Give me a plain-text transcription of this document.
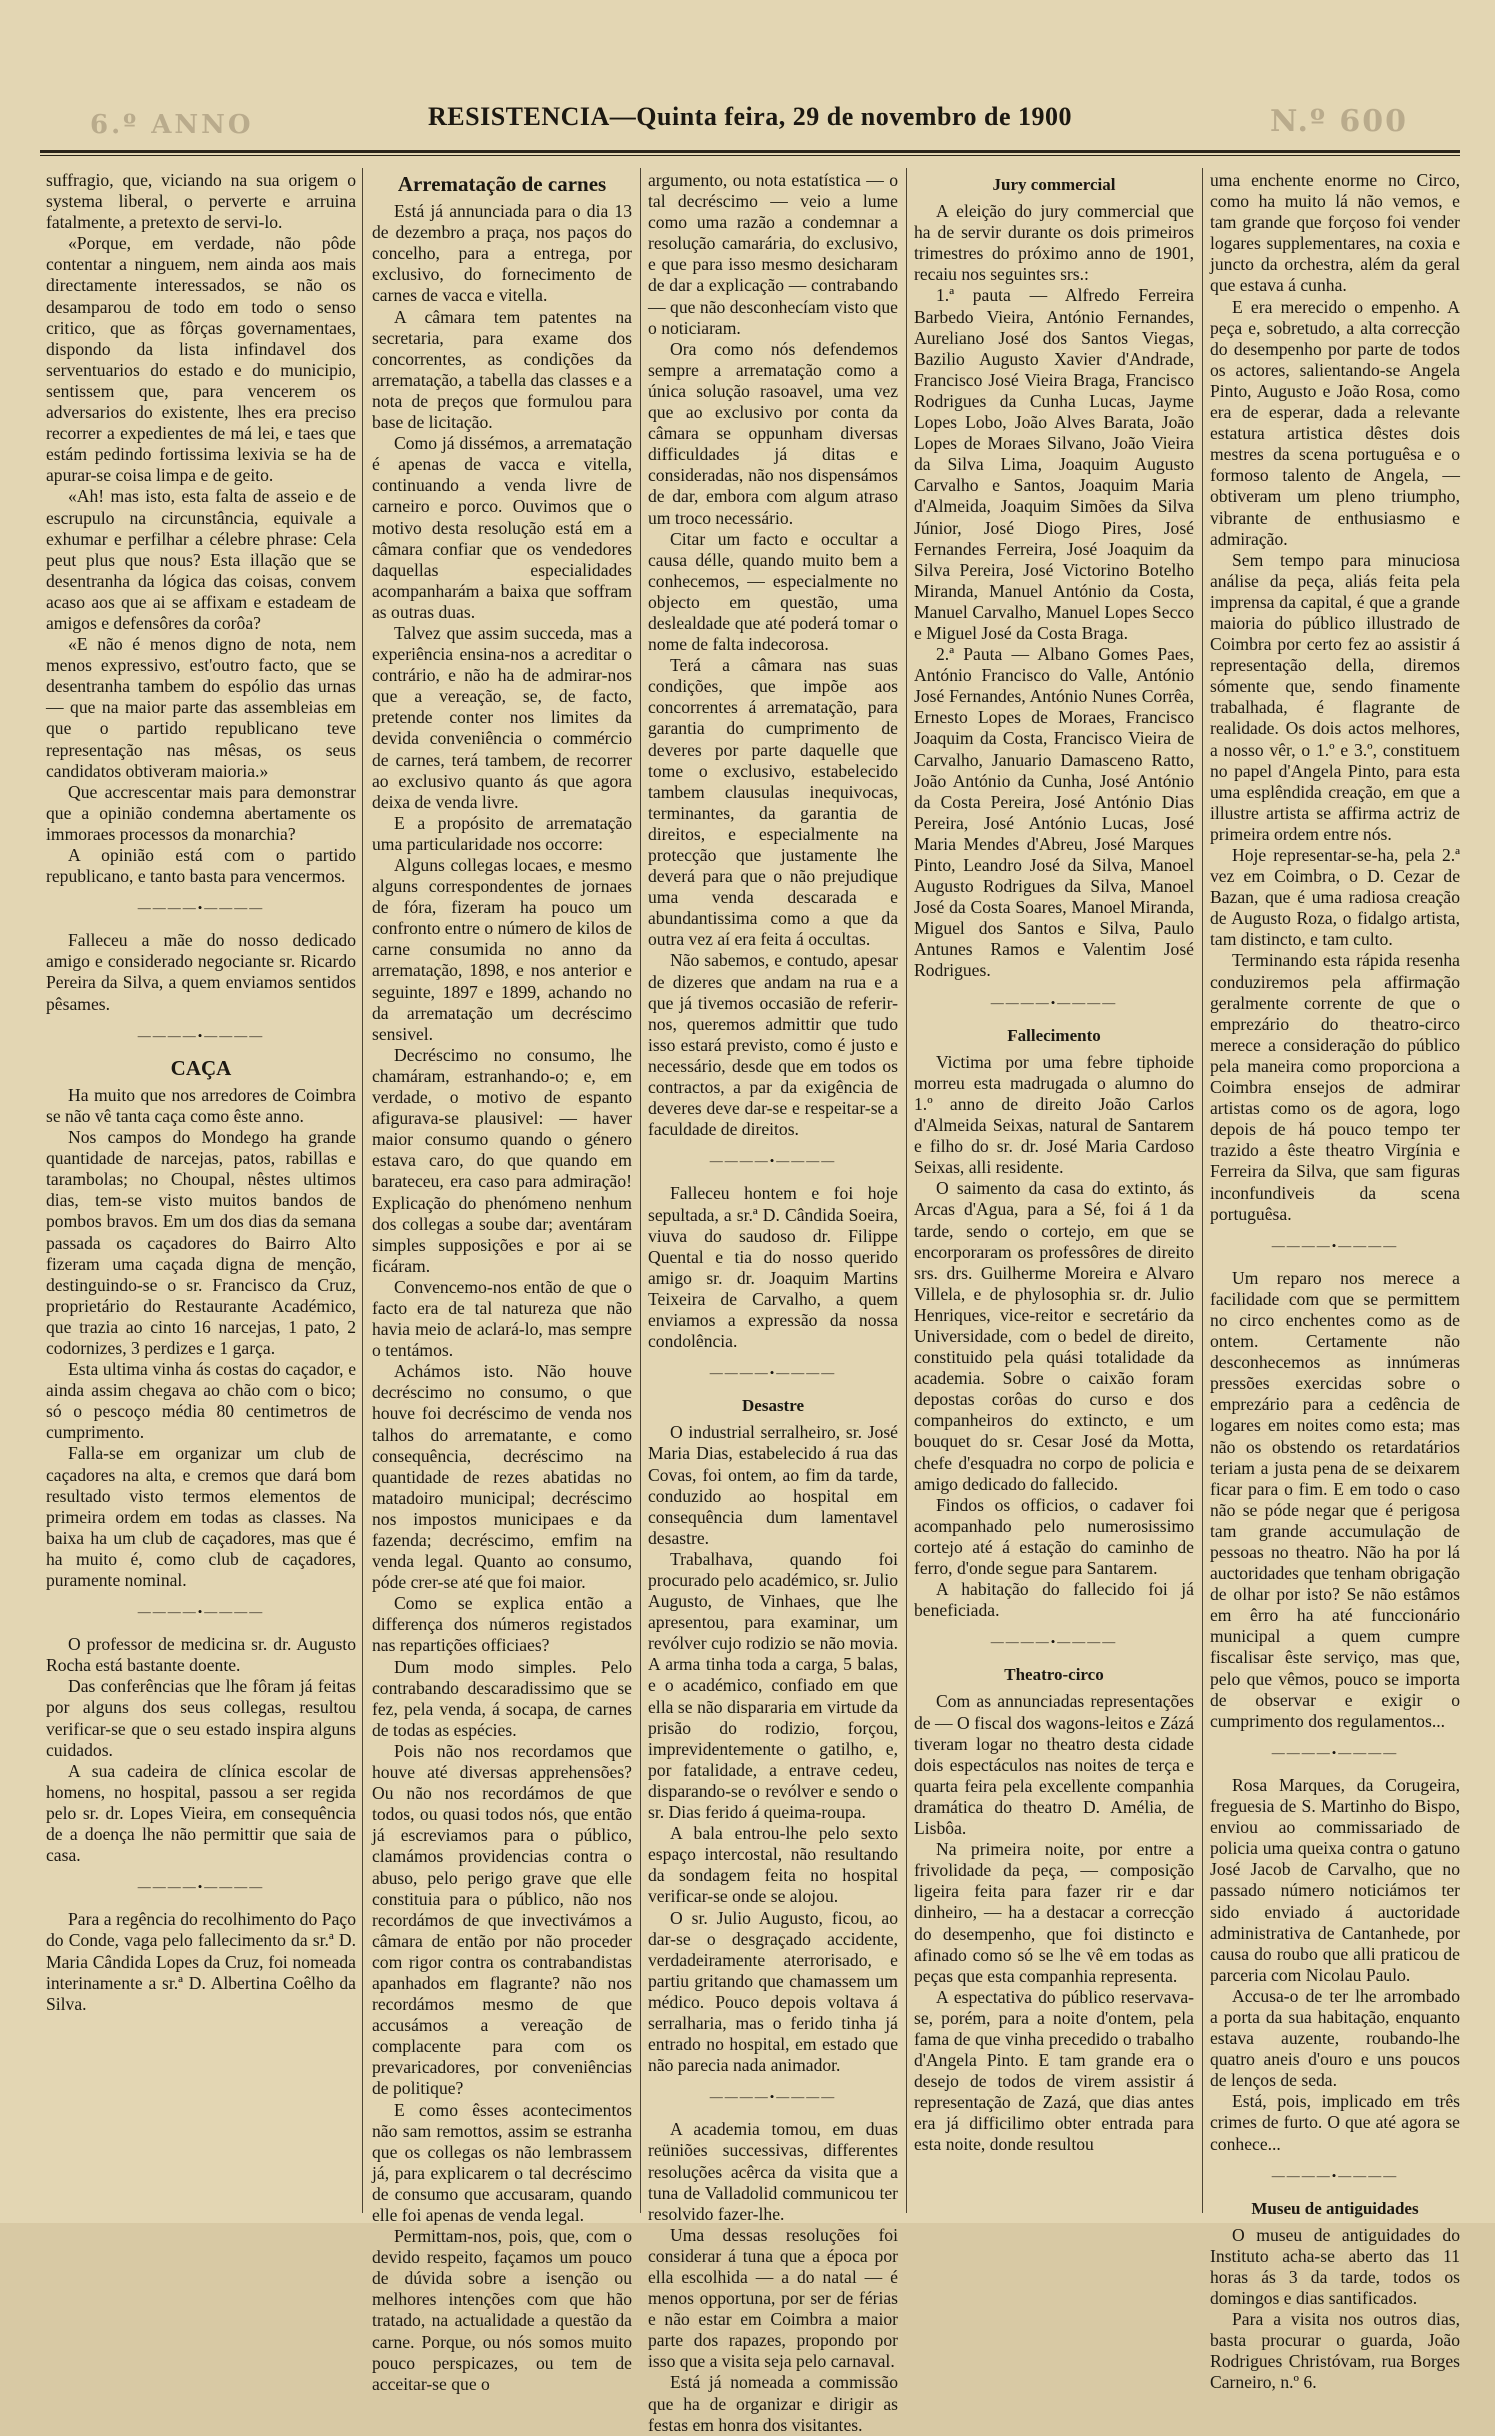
6.º ANNO	RESISTENCIA—Quinta feira, 29 de novembro de 1900	N.º 600

suffragio, que, viciando na sua origem o systema liberal, o perverte e arruina fatalmente, a pretexto de servi-lo.

«Porque, em verdade, não pôde contentar a ninguem, nem ainda aos mais directamente interessados, se não os desamparou de todo em todo o senso critico, que as fôrças governamentaes, dispondo da lista infindavel dos serventuarios do estado e do municipio, sentissem que, para vencerem os adversarios do existente, lhes era preciso recorrer a expedientes de má lei, e taes que estám pedindo fortissima lexivia se ha de apurar-se coisa limpa e de geito.

«Ah! mas isto, esta falta de asseio e de escrupulo na circunstância, equivale a exhumar e perfilhar a célebre phrase: Cela peut plus que nous? Esta illação que se desentranha da lógica das coisas, convem acaso aos que ai se affixam e estadeam de amigos e defensôres da corôa?

«E não é menos digno de nota, nem menos expressivo, est'outro facto, que se desentranha tambem do espólio das urnas — que na maior parte das assembleias em que o partido republicano teve representação nas mêsas, os seus candidatos obtiveram maioria.»

Que accrescentar mais para demonstrar que a opinião condemna abertamente os immoraes processos da monarchia?

A opinião está com o partido republicano, e tanto basta para vencermos.

————•————

Falleceu a mãe do nosso dedicado amigo e considerado negociante sr. Ricardo Pereira da Silva, a quem enviamos sentidos pêsames.

————•————
CAÇA

Ha muito que nos arredores de Coimbra se não vê tanta caça como êste anno.

Nos campos do Mondego ha grande quantidade de narcejas, patos, rabillas e tarambolas; no Choupal, nêstes ultimos dias, tem-se visto muitos bandos de pombos bravos. Em um dos dias da semana passada os caçadores do Bairro Alto fizeram uma caçada digna de menção, destinguindo-se o sr. Francisco da Cruz, proprietário do Restaurante Académico, que trazia ao cinto 16 narcejas, 1 pato, 2 codornizes, 3 perdizes e 1 garça.

Esta ultima vinha ás costas do caçador, e ainda assim chegava ao chão com o bico; só o pescoço média 80 centimetros de cumprimento.

Falla-se em organizar um club de caçadores na alta, e cremos que dará bom resultado visto termos elementos de primeira ordem em todas as classes. Na baixa ha um club de caçadores, mas que é ha muito é, como club de caçadores, puramente nominal.

————•————

O professor de medicina sr. dr. Augusto Rocha está bastante doente.

Das conferências que lhe fôram já feitas por alguns dos seus collegas, resultou verificar-se que o seu estado inspira alguns cuidados.

A sua cadeira de clínica escolar de homens, no hospital, passou a ser regida pelo sr. dr. Lopes Vieira, em consequência de a doença lhe não permittir que saia de casa.

————•————

Para a regência do recolhimento do Paço do Conde, vaga pelo fallecimento da sr.ª D. Maria Cândida Lopes da Cruz, foi nomeada interinamente a sr.ª D. Albertina Coêlho da Silva.

Arrematação de carnes

Está já annunciada para o dia 13 de dezembro a praça, nos paços do concelho, para a entrega, por exclusivo, do fornecimento de carnes de vacca e vitella.

A câmara tem patentes na secretaria, para exame dos concorrentes, as condições da arrematação, a tabella das classes e a nota de preços que formulou para base de licitação.

Como já dissémos, a arrematação é apenas de vacca e vitella, continuando a venda livre de carneiro e porco. Ouvimos que o motivo desta resolução está em a câmara confiar que os vendedores daquellas especialidades acompanharám a baixa que soffram as outras duas.

Talvez que assim succeda, mas a experiência ensina-nos a acreditar o contrário, e não ha de admirar-nos que a vereação, se, de facto, pretende conter nos limites da devida conveniência o commércio de carnes, terá tambem, de recorrer ao exclusivo quanto ás que agora deixa de venda livre.

E a propósito de arrematação uma particularidade nos occorre:

Alguns collegas locaes, e mesmo alguns correspondentes de jornaes de fóra, fizeram ha pouco um confronto entre o número de kilos de carne consumida no anno da arrematação, 1898, e nos anterior e seguinte, 1897 e 1899, achando no da arrematação um decréscimo sensivel.

Decréscimo no consumo, lhe chamáram, estranhando-o; e, em verdade, o motivo de espanto afigurava-se plausivel: — haver maior consumo quando o género estava caro, do que quando em barateceu, era caso para admiração! Explicação do phenómeno nenhum dos collegas a soube dar; aventáram simples supposições e por ai se ficáram.

Convencemo-nos então de que o facto era de tal natureza que não havia meio de aclará-lo, mas sempre o tentámos.

Achámos isto. Não houve decréscimo no consumo, o que houve foi decréscimo de venda nos talhos do arrematante, e como consequência, decréscimo na quantidade de rezes abatidas no matadoiro municipal; decréscimo nos impostos municipaes e da fazenda; decréscimo, emfim na venda legal. Quanto ao consumo, póde crer-se até que foi maior.

Como se explica então a differença dos números registados nas repartições officiaes?

Dum modo simples. Pelo contrabando descaradissimo que se fez, pela venda, á socapa, de carnes de todas as espécies.

Pois não nos recordamos que houve até diversas apprehensões? Ou não nos recordámos de que todos, ou quasi todos nós, que então já escreviamos para o público, clamámos providencias contra o abuso, pelo perigo grave que elle constituia para o público, não nos recordámos de que invectivámos a câmara de então por não proceder com rigor contra os contrabandistas apanhados em flagrante? não nos recordámos mesmo de que accusámos a vereação de complacente para com os prevaricadores, por conveniências de politique?

E como êsses acontecimentos não sam remottos, assim se estranha que os collegas os não lembrassem já, para explicarem o tal decréscimo de consumo que accusaram, quando elle foi apenas de venda legal.

Permittam-nos, pois, que, com o devido respeito, façamos um pouco de dúvida sobre a isenção ou melhores intenções com que hão tratado, na actualidade a questão da carne. Porque, ou nós somos muito pouco perspicazes, ou tem de acceitar-se que o

argumento, ou nota estatística — o tal decréscimo — veio a lume como uma razão a condemnar a resolução camarária, do exclusivo, e que para isso mesmo desicharam de dar a explicação — contrabando — que não desconhecíam visto que o noticiaram.

Ora como nós defendemos sempre a arrematação como a única solução rasoavel, uma vez que ao exclusivo por conta da câmara se oppunham diversas difficuldades já ditas e consideradas, não nos dispensámos de dar, embora com algum atraso um troco necessário.

Citar um facto e occultar a causa délle, quando muito bem a conhecemos, — especialmente no objecto em questão, uma deslealdade que até poderá tomar o nome de falta indecorosa.

Terá a câmara nas suas condições, que impõe aos concorrentes á arrematação, para garantia do cumprimento de deveres por parte daquelle que tome o exclusivo, estabelecido tambem clausulas inequivocas, terminantes, da garantia de direitos, e especialmente na protecção que justamente lhe deverá para que o não prejudique uma venda descarada e abundantissima como a que da outra vez aí era feita á occultas.

Não sabemos, e contudo, apesar de dizeres que andam na rua e a que já tivemos occasião de referir-nos, queremos admittir que tudo isso estará previsto, como é justo e necessário, desde que em todos os contractos, a par da exigência de deveres deve dar-se e respeitar-se a faculdade de direitos.

————•————

Falleceu hontem e foi hoje sepultada, a sr.ª D. Cândida Soeira, viuva do saudoso dr. Filippe Quental e tia do nosso querido amigo sr. dr. Joaquim Martins Teixeira de Carvalho, a quem enviamos a expressão da nossa condolência.

————•————
Desastre

O industrial serralheiro, sr. José Maria Dias, estabelecido á rua das Covas, foi ontem, ao fim da tarde, conduzido ao hospital em consequência dum lamentavel desastre.

Trabalhava, quando foi procurado pelo académico, sr. Julio Augusto, de Vinhaes, que lhe apresentou, para examinar, um revólver cujo rodizio se não movia. A arma tinha toda a carga, 5 balas, e o académico, confiado em que ella se não dispararia em virtude da prisão do rodizio, forçou, imprevidentemente o gatilho, e, por fatalidade, a entrave cedeu, disparando-se o revólver e sendo o sr. Dias ferido á queima-roupa.

A bala entrou-lhe pelo sexto espaço intercostal, não resultando da sondagem feita no hospital verificar-se onde se alojou.

O sr. Julio Augusto, ficou, ao dar-se o desgraçado accidente, verdadeiramente aterrorisado, e partiu gritando que chamassem um médico. Pouco depois voltava á serralharia, mas o ferido tinha já entrado no hospital, em estado que não parecia nada animador.

————•————

A academia tomou, em duas reüniões successivas, differentes resoluções acêrca da visita que a tuna de Valladolid communicou ter resolvido fazer-lhe.

Uma dessas resoluções foi considerar á tuna que a época por ella escolhida — a do natal — é menos opportuna, por ser de férias e não estar em Coimbra a maior parte dos rapazes, propondo por isso que a visita seja pelo carnaval.

Está já nomeada a commissão que ha de organizar e dirigir as festas em honra dos visitantes.

Jury commercial

A eleição do jury commercial que ha de servir durante os dois primeiros trimestres do próximo anno de 1901, recaiu nos seguintes srs.:

1.ª pauta — Alfredo Ferreira Barbedo Vieira, António Fernandes, Aureliano José dos Santos Viegas, Bazilio Augusto Xavier d'Andrade, Francisco José Vieira Braga, Francisco Rodrigues da Cunha Lucas, Jayme Lopes Lobo, João Alves Barata, João Lopes de Moraes Silvano, João Vieira da Silva Lima, Joaquim Augusto Carvalho e Santos, Joaquim Maria d'Almeida, Joaquim Simões da Silva Júnior, José Diogo Pires, José Fernandes Ferreira, José Joaquim da Silva Pereira, José Victorino Botelho Miranda, Manuel António da Costa, Manuel Carvalho, Manuel Lopes Secco e Miguel José da Costa Braga.

2.ª Pauta — Albano Gomes Paes, António Francisco do Valle, António José Fernandes, António Nunes Corrêa, Ernesto Lopes de Moraes, Francisco Joaquim da Costa, Francisco Vieira de Carvalho, Januario Damasceno Ratto, João António da Cunha, José António da Costa Pereira, José António Dias Pereira, José António Lucas, José Maria Mendes d'Abreu, José Marques Pinto, Leandro José da Silva, Manoel Augusto Rodrigues da Silva, Manoel José da Costa Soares, Manoel Miranda, Miguel dos Santos e Silva, Paulo Antunes Ramos e Valentim José Rodrigues.

————•————
Fallecimento

Victima por uma febre tiphoide morreu esta madrugada o alumno do 1.º anno de direito João Carlos d'Almeida Seixas, natural de Santarem e filho do sr. dr. José Maria Cardoso Seixas, alli residente.

O saimento da casa do extinto, ás Arcas d'Agua, para a Sé, foi á 1 da tarde, sendo o cortejo, em que se encorporaram os professôres de direito srs. drs. Guilherme Moreira e Alvaro Villela, e de phylosophia sr. dr. Julio Henriques, vice-reitor e secretário da Universidade, com o bedel de direito, constituido pela quási totalidade da academia. Sobre o caixão foram depostas corôas do curso e dos companheiros do extincto, e um bouquet do sr. Cesar José da Motta, chefe d'esquadra no corpo de policia e amigo dedicado do fallecido.

Findos os officios, o cadaver foi acompanhado pelo numerosissimo cortejo até á estação do caminho de ferro, d'onde segue para Santarem.

A habitação do fallecido foi já beneficiada.

————•————
Theatro-circo

Com as annunciadas representações de — O fiscal dos wagons-leitos e Zázá tiveram logar no theatro desta cidade dois espectáculos nas noites de terça e quarta feira pela excellente companhia dramática do theatro D. Amélia, de Lisbôa.

Na primeira noite, por entre a frivolidade da peça, — composição ligeira feita para fazer rir e dar dinheiro, — ha a destacar a correcção do desempenho, que foi distincto e afinado como só se lhe vê em todas as peças que esta companhia representa.

A espectativa do público reservava-se, porém, para a noite d'ontem, pela fama de que vinha precedido o trabalho d'Angela Pinto. E tam grande era o desejo de todos de virem assistir á representação de Zazá, que dias antes era já difficilimo obter entrada para esta noite, donde resultou

uma enchente enorme no Circo, como ha muito lá não vemos, e tam grande que forçoso foi vender logares supplementares, na coxia e juncto da orchestra, além da geral que estava á cunha.

E era merecido o empenho. A peça e, sobretudo, a alta correcção do desempenho por parte de todos os actores, salientando-se Angela Pinto, Augusto e João Rosa, como era de esperar, dada a relevante estatura artistica dêstes dois mestres da scena portuguêsa e o formoso talento de Angela, — obtiveram um pleno triumpho, vibrante de enthusiasmo e admiração.

Sem tempo para minuciosa análise da peça, aliás feita pela imprensa da capital, é que a grande maioria do público illustrado de Coimbra por certo fez ao assistir á representação della, diremos sómente que, sendo finamente trabalhada, é flagrante de realidade. Os dois actos melhores, a nosso vêr, o 1.º e 3.º, constituem no papel d'Angela Pinto, para esta uma esplêndida creação, em que a illustre artista se affirma actriz de primeira ordem entre nós.

Hoje representar-se-ha, pela 2.ª vez em Coimbra, o D. Cezar de Bazan, que é uma radiosa creação de Augusto Roza, o fidalgo artista, tam distincto, e tam culto.

Terminando esta rápida resenha conduziremos pela affirmação geralmente corrente de que o emprezário do theatro-circo merece a consideração do público pela maneira como proporciona a Coimbra ensejos de admirar artistas como os de agora, logo depois de há pouco tempo ter trazido a êste theatro Virgínia e Ferreira da Silva, que sam figuras inconfundiveis da scena portuguêsa.

————•————

Um reparo nos merece a facilidade com que se permittem no circo enchentes como as de ontem. Certamente não desconhecemos as innúmeras pressões exercidas sobre o emprezário para a cedência de logares em noites como esta; mas não os obstendo os retardatários teriam a justa pena de se deixarem ficar para o fim. E em todo o caso não se póde negar que é perigosa tam grande accumulação de pessoas no theatro. Não ha por lá auctoridades que tenham obrigação de olhar por isto? Se não estâmos em êrro ha até funccionário municipal a quem cumpre fiscalisar êste serviço, mas que, pelo que vêmos, pouco se importa de observar e exigir o cumprimento dos regulamentos...

————•————

Rosa Marques, da Corugeira, freguesia de S. Martinho do Bispo, enviou ao commissariado de policia uma queixa contra o gatuno José Jacob de Carvalho, que no passado número noticiámos ter sido enviado á auctoridade administrativa de Cantanhede, por causa do roubo que alli praticou de parceria com Nicolau Paulo.

Accusa-o de ter lhe arrombado a porta da sua habitação, enquanto estava auzente, roubando-lhe quatro aneis d'ouro e uns poucos de lenços de seda.

Está, pois, implicado em três crimes de furto. O que até agora se conhece...

————•————
Museu de antiguidades

O museu de antiguidades do Instituto acha-se aberto das 11 horas ás 3 da tarde, todos os domingos e dias santificados.

Para a visita nos outros dias, basta procurar o guarda, João Rodrigues Christóvam, rua Borges Carneiro, n.º 6.
